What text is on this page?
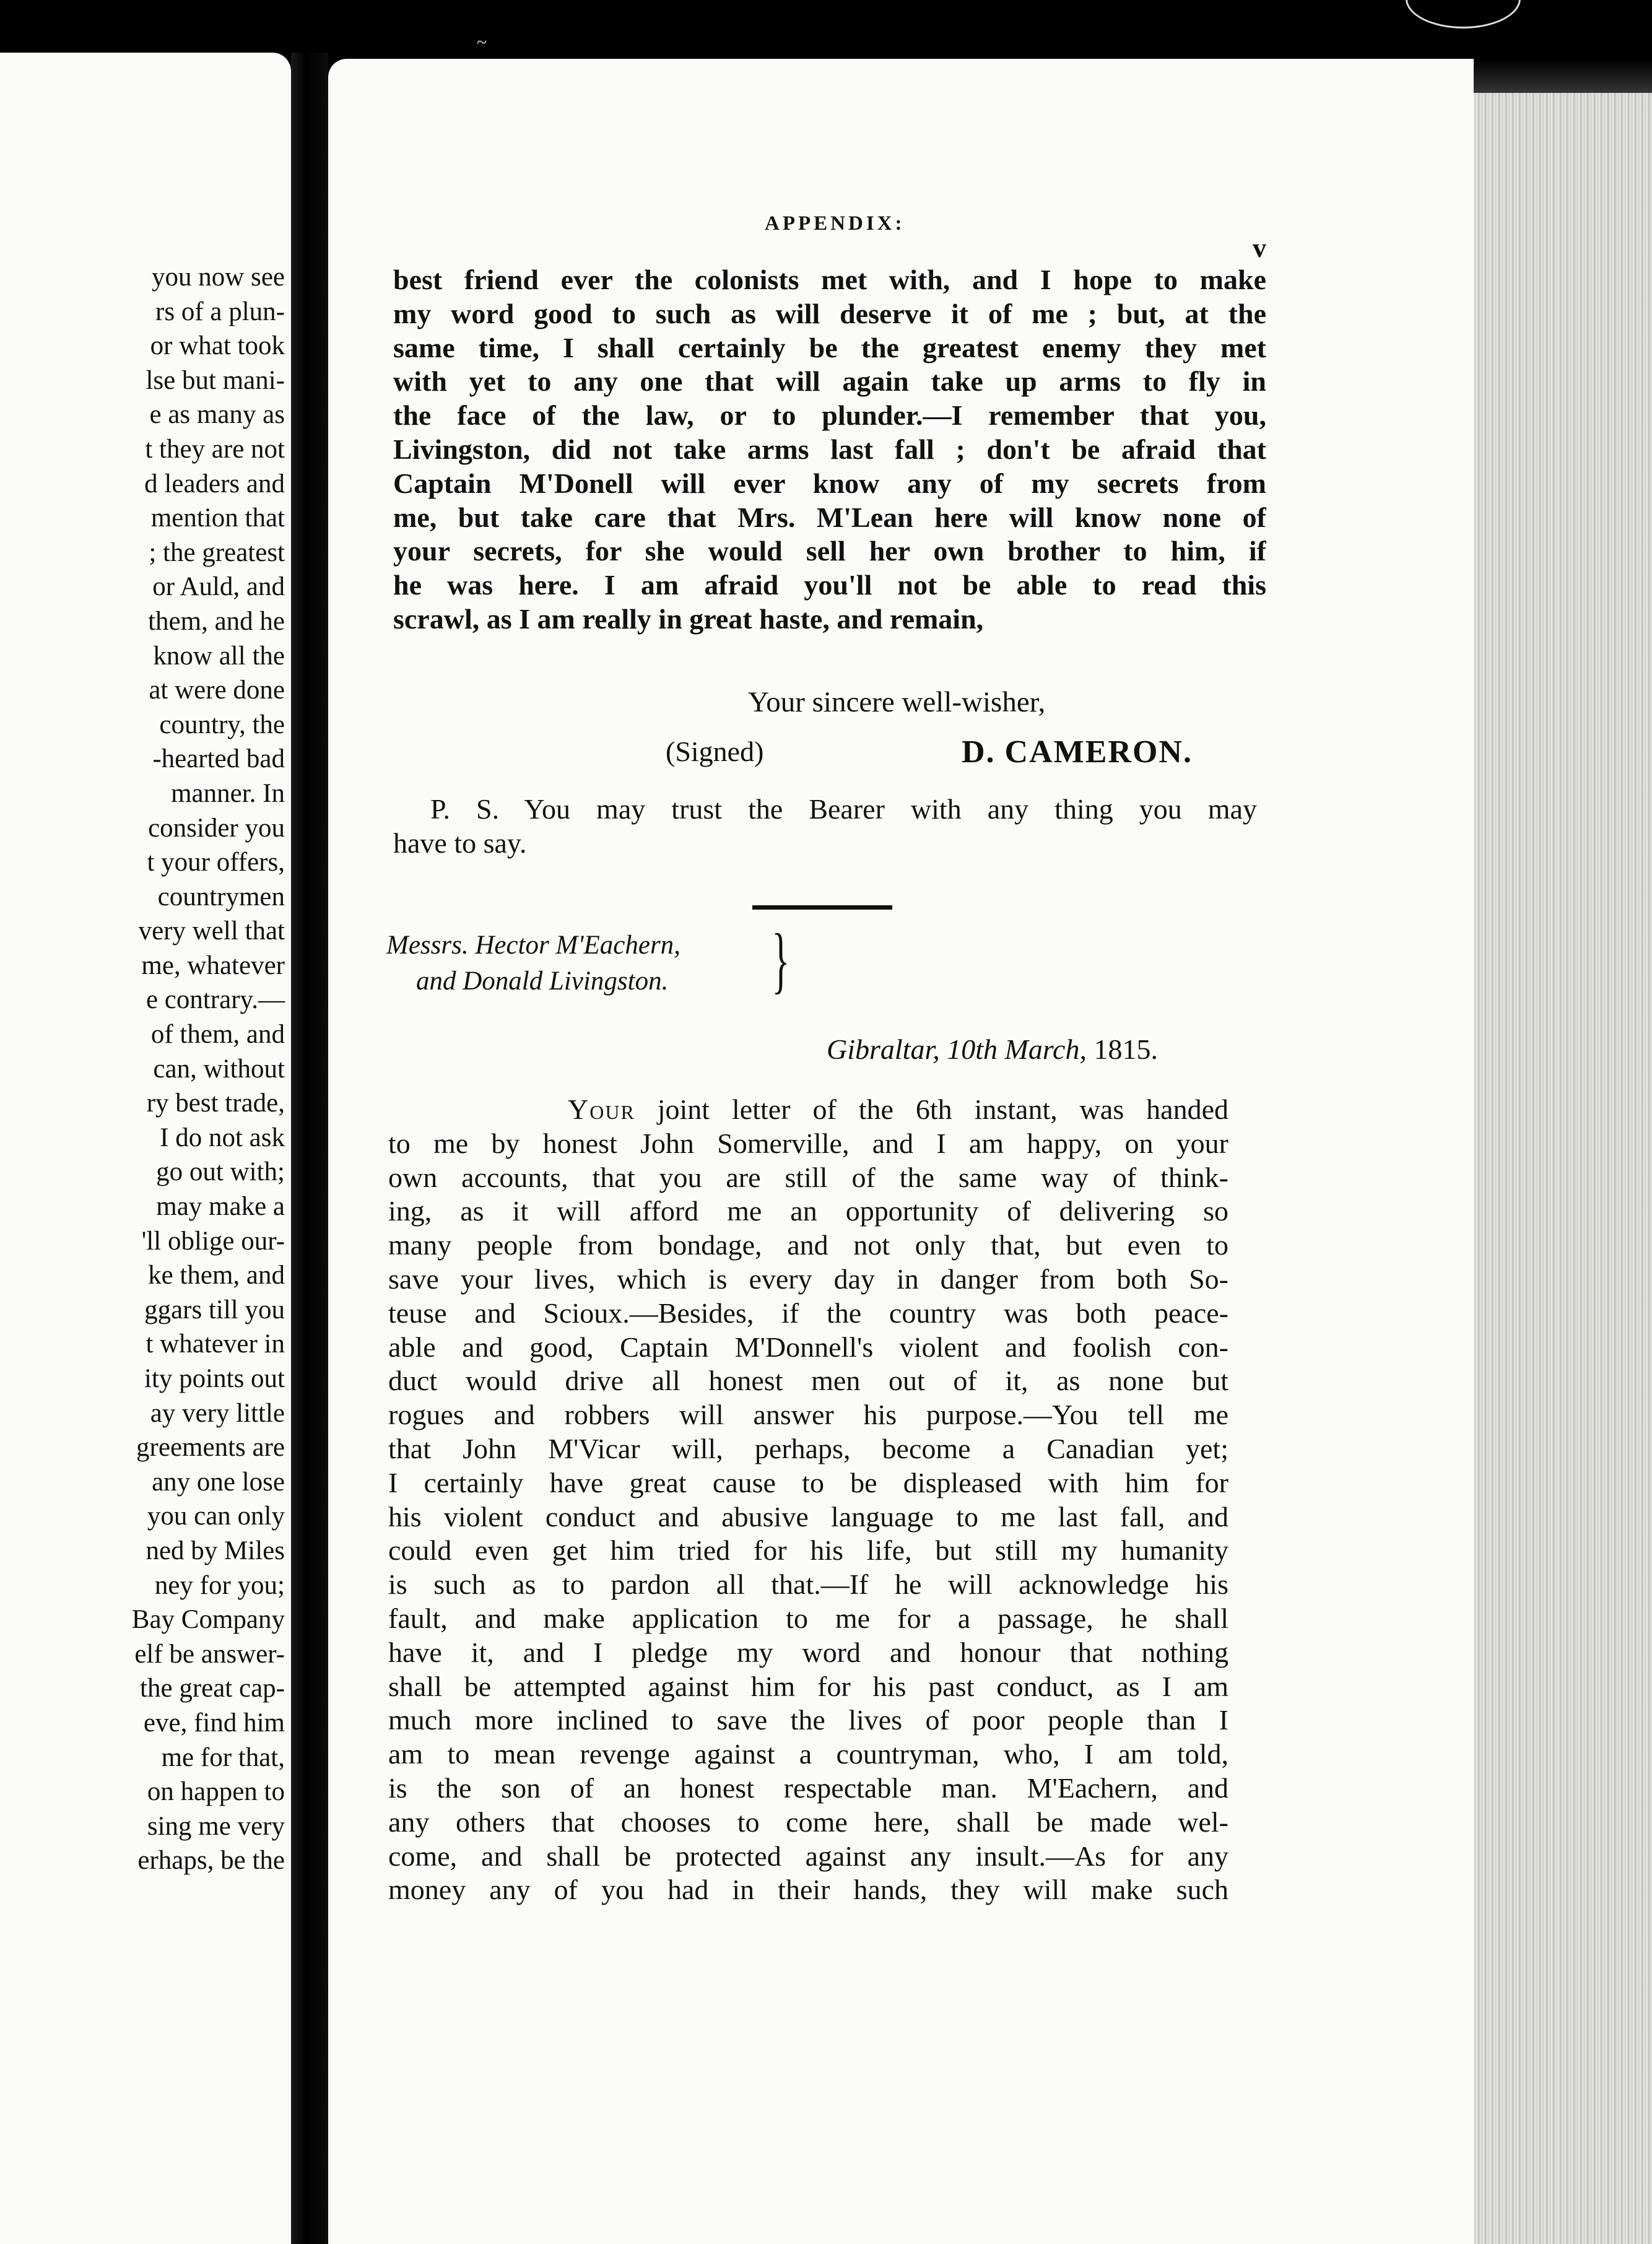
~
you now see
rs of a plun-
or what took
lse but mani-
e as many as
t they are not
d leaders and
mention that
; the greatest
or Auld, and
them, and he
know all the
at were done
country, the
-hearted bad
manner. In
consider you
t your offers,
countrymen
very well that
me, whatever
e contrary.—
of them, and
can, without
ry best trade,
I do not ask
go out with;
may make a
'll oblige our-
ke them, and
ggars till you
t whatever in
ity points out
ay very little
greements are
any one lose
you can only
ned by Miles
ney for you;
Bay Company
elf be answer-
the great cap-
eve, find him
me for that,
on happen to
sing me very
erhaps, be the
APPENDIX:
v
best friend ever the colonists met with, and I hope to make
my word good to such as will deserve it of me ; but, at the
same time, I shall certainly be the greatest enemy they met
with yet to any one that will again take up arms to fly in
the face of the law, or to plunder.—I remember that you,
Livingston, did not take arms last fall ; don't be afraid that
Captain M'Donell will ever know any of my secrets from
me, but take care that Mrs. M'Lean here will know none of
your secrets, for she would sell her own brother to him, if
he was here. I am afraid you'll not be able to read this
scrawl, as I am really in great haste, and remain,
Your sincere well-wisher,
(Signed)	D. CAMERON.
P. S. You may trust the Bearer with any thing you may
have to say.
Messrs. Hector M'Eachern,
and Donald Livingston. }
Gibraltar, 10th March, 1815.
Your joint letter of the 6th instant, was handed
to me by honest John Somerville, and I am happy, on your
own accounts, that you are still of the same way of think-
ing, as it will afford me an opportunity of delivering so
many people from bondage, and not only that, but even to
save your lives, which is every day in danger from both So-
teuse and Scioux.—Besides, if the country was both peace-
able and good, Captain M'Donnell's violent and foolish con-
duct would drive all honest men out of it, as none but
rogues and robbers will answer his purpose.—You tell me
that John M'Vicar will, perhaps, become a Canadian yet;
I certainly have great cause to be displeased with him for
his violent conduct and abusive language to me last fall, and
could even get him tried for his life, but still my humanity
is such as to pardon all that.—If he will acknowledge his
fault, and make application to me for a passage, he shall
have it, and I pledge my word and honour that nothing
shall be attempted against him for his past conduct, as I am
much more inclined to save the lives of poor people than I
am to mean revenge against a countryman, who, I am told,
is the son of an honest respectable man. M'Eachern, and
any others that chooses to come here, shall be made wel-
come, and shall be protected against any insult.—As for any
money any of you had in their hands, they will make such
